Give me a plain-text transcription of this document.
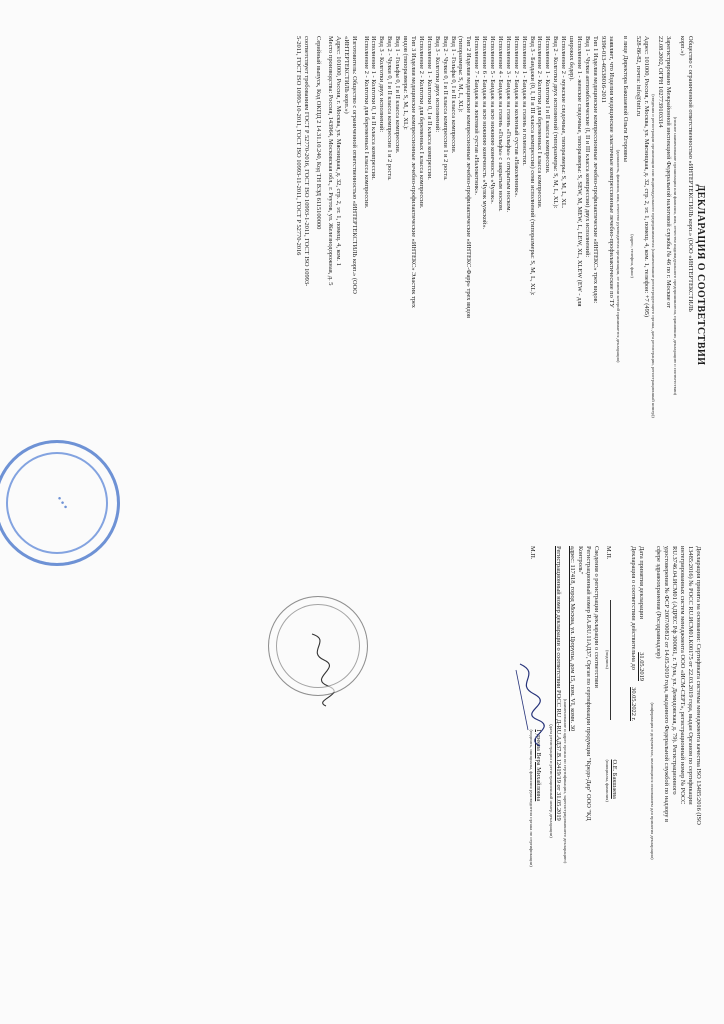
Общество с ограниченной ответственностью «ИНТЕРТЕКСТИЛЬ корп.» (ООО «ИНТЕРТЕКСТИЛЬ
корп.»)
(полное наименование организации или фамилия, имя, отчество индивидуального предпринимателя, принявших декларацию о соответствии)
Зарегистрировано Межрайонной инспекцией Федеральной налоговой службы № 46 по г. Москве от
22.08.2002, ОГРН 1027739103314
(сведения о регистрации организации или индивидуального предпринимателя (наименование регистрирующего органа, дата регистрации, регистрационный номер))
Адрес: 101000, Россия, г. Москва, ул. Мясницкая, д. 32, стр. 2, эт. 1, помещ. 4, ком. 1, телефон: +7 (495)
528-86-82, почта: info@intt.ru
(адрес, телефон, факс)
в лице Директора Бакшаевой Ольги Егоровны
(должность, фамилия, имя, отчество руководителя организации, от имени которой принимается декларация)
заявляет, что Изделия медицинские эластичные компрессионные лечебно-профилактические по ТУ
9396-013-46538016-2011
Тип 1 Изделия медицинские компрессионные лечебно-профилактические «ИНТЕКС» трех видов:
Вид 1 - Чулки антиэмболические (I, II и III класса компрессии) двух исполнений:
Исполнение 1 - женские следочные, типоразмеры: S, SEW, M, MEW, L, LEW, XL, XLEW (EW - для
широких бедер).
Исполнение 2 - мужские следочные, типоразмеры: S, M, L, XL.
Вид 2 - Колготки двух исполнений (типоразмеры: S, M, L, XL):
Исполнение 1 - Колготки I и II класса компрессии.
Исполнение 2 - Колготки для беременных I класса компрессии.
Вид 3 - Бандажи (0, I, II и III класса компрессии) семи исполнений (типоразмеры: S, M, L, XL):
Исполнение 1 - Бандаж на голень и голеностоп.
Исполнение 2 - Бандаж на коленный сустав «Наколенник».
Исполнение 3 - Бандаж на голень «Гольфы» с открытым носком.
Исполнение 4 - Бандаж на голень «Гольфы» с закрытым носком.
Исполнение 5 - Бандаж на всю нижнюю конечность «Чулок».
Исполнение 6 - Бандаж на всю нижнюю конечность «Чулок мужской».
Исполнение 7 - Бандаж на локтевой сустав «Налокотник».
Тип 2 Изделия медицинские компрессионные лечебно-профилактические «ИНТЕКС-Фарр» трех видов
(типоразмеры: S, M, L, XL):
Вид 1 - Гольфы 0, I и II класса компрессии.
Вид 2 - Чулки 0, I и II класса компрессии 1 и 2 роста.
Вид 3 - Колготки двух исполнений:
Исполнение 1 - Колготки 0, I и II класса компрессии.
Исполнение 2 - Колготки для беременных I класса компрессии.
Тип 3 Изделия медицинские компрессионные лечебно-профилактические «ИНТЕКС» Эластик трех
видов (типоразмеры: S, M, L, XL):
Вид 1 - Гольфы 0, I и II класса компрессии.
Вид 2 - Чулки 0, I и II класса компрессии 1 и 2 роста.
Вид 3 - Колготки двух исполнений:
Исполнение 1 - Колготки 0, I и II класса компрессии.
Исполнение 2 - Колготки для беременных I класса компрессии.
Изготовитель: Общество с ограниченной ответственностью «ИНТЕРТЕКСТИЛЬ корп.» (ООО
«ИНТЕРТЕКСТИЛЬ корп.»)
Адрес: 101000, Россия, г. Москва, ул. Мясницкая, д. 32, стр. 2, эт. 1, помещ. 4, ком. 1
Место производства: Россия, 143964, Московская обл., г. Реутов, ул. Железнодорожная, д. 5
Серийный выпуск, Код ОКПД 2 14.31.10.240, Код ТН ВЭД 6115100000
соответствует требованиям ГОСТ Р 52770-2016, ГОСТ ISO 10993-1-2011, ГОСТ ISO 10993-
5-2011, ГОСТ ISO 10993-10-2011, ГОСТ ISO 10993-11-2011, ГОСТ Р 52770-2016
ДЕКЛАРАЦИЯ О СООТВЕТСТВИИ
Декларация принята на основании: Сертификата системы менеджмента качества ISO 13485:2016 (ISO
13485:2016) № РОСС RU.ИСМ01.К00175 от 22.03.2019 года, выдан Органом по сертификации
интегрированных систем менеджмента ООО «ИСМ-СЕРТ», регистрационный номер № РОСС
RU.3746.04.ИСМ01 (АДРЕС Рф 300061, г. Тула, ул. Демидовская, д. 79). Регистрационного
удостоверения № ФСР 2007/00812 от 14.05.2019 года, выданного Федеральной службой по надзору в
сфере здравоохранения (Росздравнадзор)
(информация о документах, являющихся основанием для принятия декларации)
Дата принятия декларации  31.05.2019
Декларация о соответствии действительна до  30.05.2022 г.
М.П.
(подпись)
О.Е. Бакшаева
(инициалы, фамилия)
Сведения о регистрации декларации о соответствии
Регистрационный номер RA.RU.11АД37, Орган по сертификации продукции "Кредо-Дар" ООО "КД
Контроль"
адрес: 117418, город Москва, ул. Цюрупы, дом 15, пом. VI, комн. 30
(наименование и адрес органа по сертификации, зарегистрировавшего декларацию)
Регистрационный номер декларации о соответствии РОСС RU Д-RU.АД37.В.12419/19 от 31.05.2019
(дата регистрации и регистрационный номер декларации)
М.П.
Гуреева Вера Михайловна
(подпись, инициалы, фамилия руководителя органа по сертификации)
● ● ●
